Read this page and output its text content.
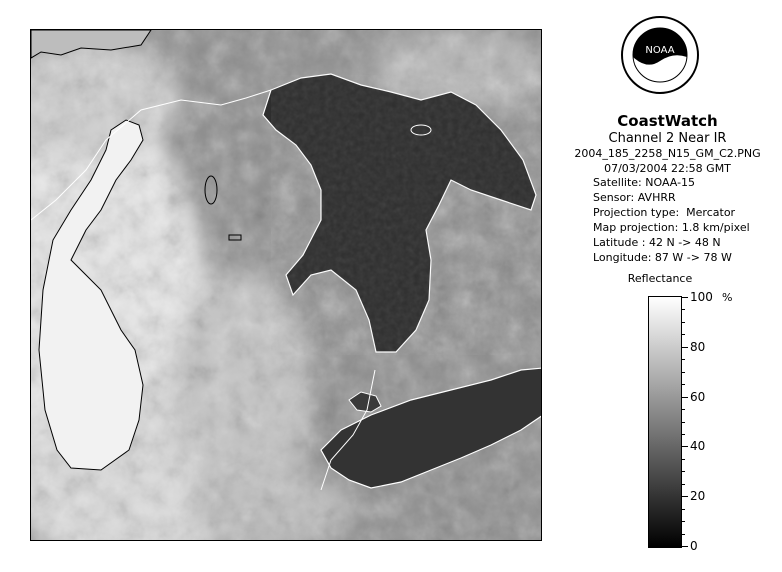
NOAA
CoastWatch
Channel 2 Near IR
2004_185_2258_N15_GM_C2.PNG
07/03/2004 22:58 GMT
Satellite: NOAA-15
Sensor: AVHRR
Projection type: Mercator
Map projection: 1.8 km/pixel
Latitude : 42 N -> 48 N
Longitude: 87 W -> 78 W
Reflectance
%
100
80
60
40
20
0
